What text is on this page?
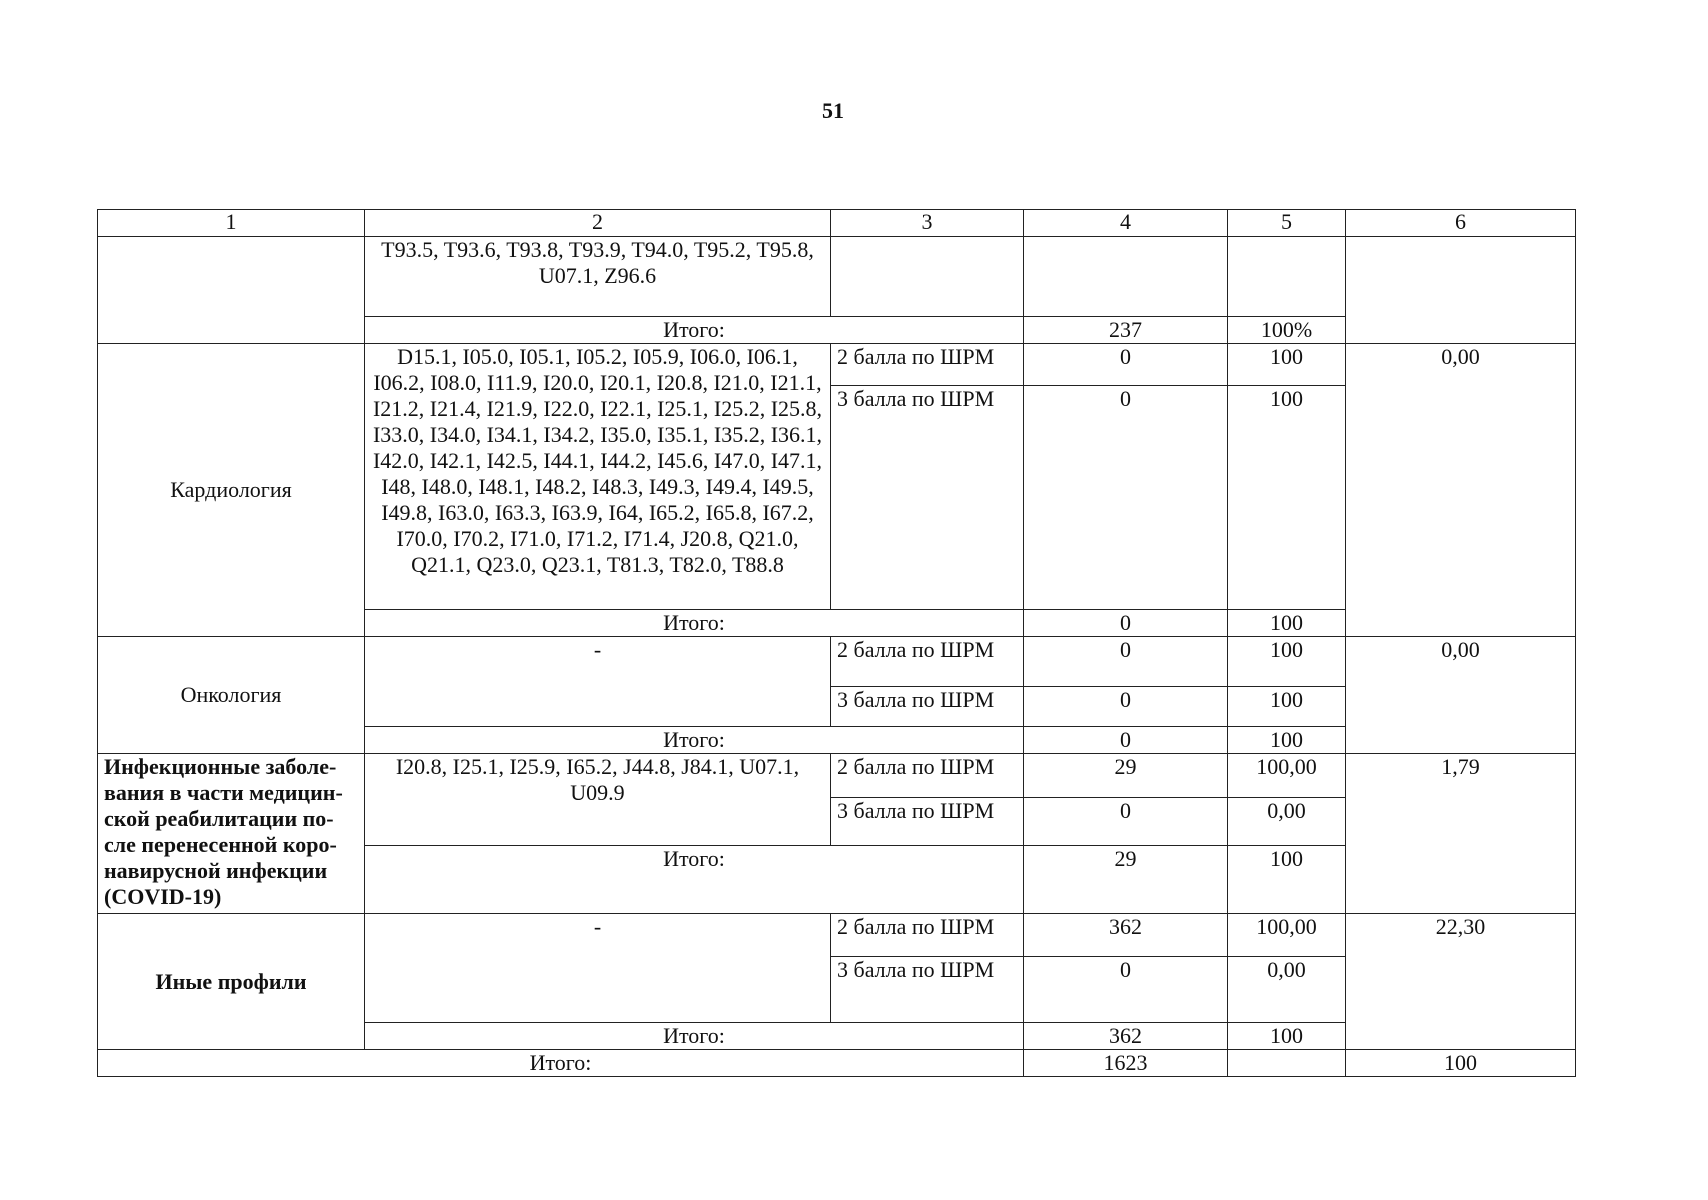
51
1	2	3	4	5	6
	T93.5, T93.6, T93.8, T93.9, T94.0, T95.2, T95.8, U07.1, Z96.6				
	Итого:		237	100%	
Кардиология	D15.1, I05.0, I05.1, I05.2, I05.9, I06.0, I06.1, I06.2, I08.0, I11.9, I20.0, I20.1, I20.8, I21.0, I21.1, I21.2, I21.4, I21.9, I22.0, I22.1, I25.1, I25.2, I25.8, I33.0, I34.0, I34.1, I34.2, I35.0, I35.1, I35.2, I36.1, I42.0, I42.1, I42.5, I44.1, I44.2, I45.6, I47.0, I47.1, I48, I48.0, I48.1, I48.2, I48.3, I49.3, I49.4, I49.5, I49.8, I63.0, I63.3, I63.9, I64, I65.2, I65.8, I67.2, I70.0, I70.2, I71.0, I71.2, I71.4, J20.8, Q21.0, Q21.1, Q23.0, Q23.1, T81.3, T82.0, T88.8	2 балла по ШРМ	0	100	0,00
		3 балла по ШРМ	0	100	
	Итого:		0	100	
Онкология	-	2 балла по ШРМ	0	100	0,00
		3 балла по ШРМ	0	100	
	Итого:		0	100	
Инфекционные заболе-вания в части медицин-ской реабилитации по-сле перенесенной коро-навирусной инфекции (COVID-19)	I20.8, I25.1, I25.9, I65.2, J44.8, J84.1, U07.1, U09.9	2 балла по ШРМ	29	100,00	1,79
		3 балла по ШРМ	0	0,00	
	Итого:		29	100	
Иные профили	-	2 балла по ШРМ	362	100,00	22,30
		3 балла по ШРМ	0	0,00	
	Итого:		362	100	
Итого:			1623		100
